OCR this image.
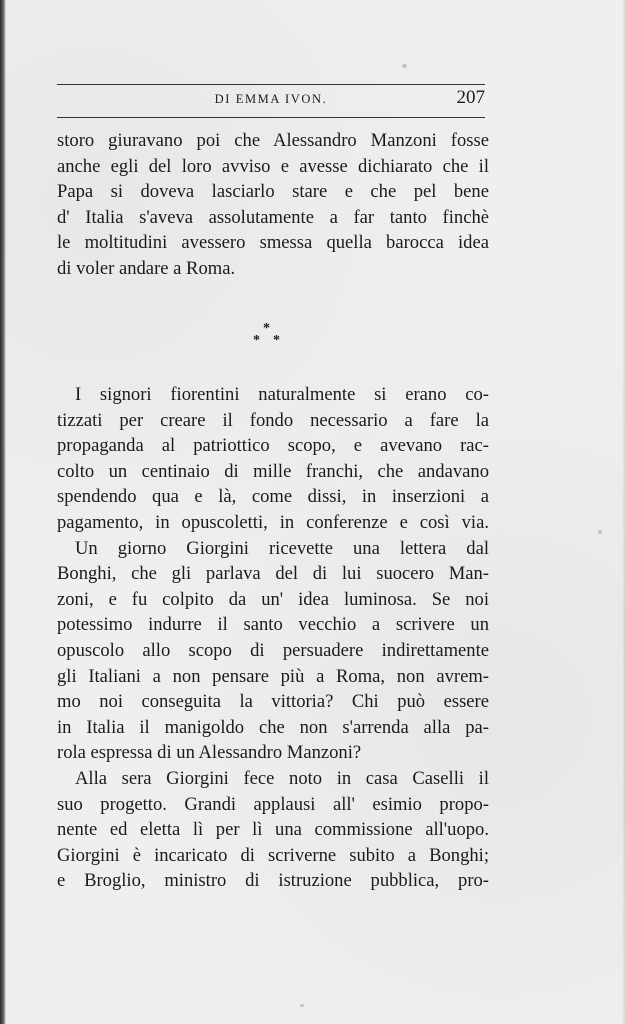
DI EMMA IVON.	207
storo giuravano poi che Alessandro Manzoni fosse
anche egli del loro avviso e avesse dichiarato che il
Papa si doveva lasciarlo stare e che pel bene
d' Italia s'aveva assolutamente a far tanto finchè
le moltitudini avessero smessa quella barocca idea
di voler andare a Roma.
*
* *
I signori fiorentini naturalmente si erano co-
tizzati per creare il fondo necessario a fare la
propaganda al patriottico scopo, e avevano rac-
colto un centinaio di mille franchi, che andavano
spendendo qua e là, come dissi, in inserzioni a
pagamento, in opuscoletti, in conferenze e così via.
Un giorno Giorgini ricevette una lettera dal
Bonghi, che gli parlava del di lui suocero Man-
zoni, e fu colpito da un' idea luminosa. Se noi
potessimo indurre il santo vecchio a scrivere un
opuscolo allo scopo di persuadere indirettamente
gli Italiani a non pensare più a Roma, non avrem-
mo noi conseguita la vittoria? Chi può essere
in Italia il manigoldo che non s'arrenda alla pa-
rola espressa di un Alessandro Manzoni?
Alla sera Giorgini fece noto in casa Caselli il
suo progetto. Grandi applausi all' esimio propo-
nente ed eletta lì per lì una commissione all'uopo.
Giorgini è incaricato di scriverne subito a Bonghi;
e Broglio, ministro di istruzione pubblica, pro-
